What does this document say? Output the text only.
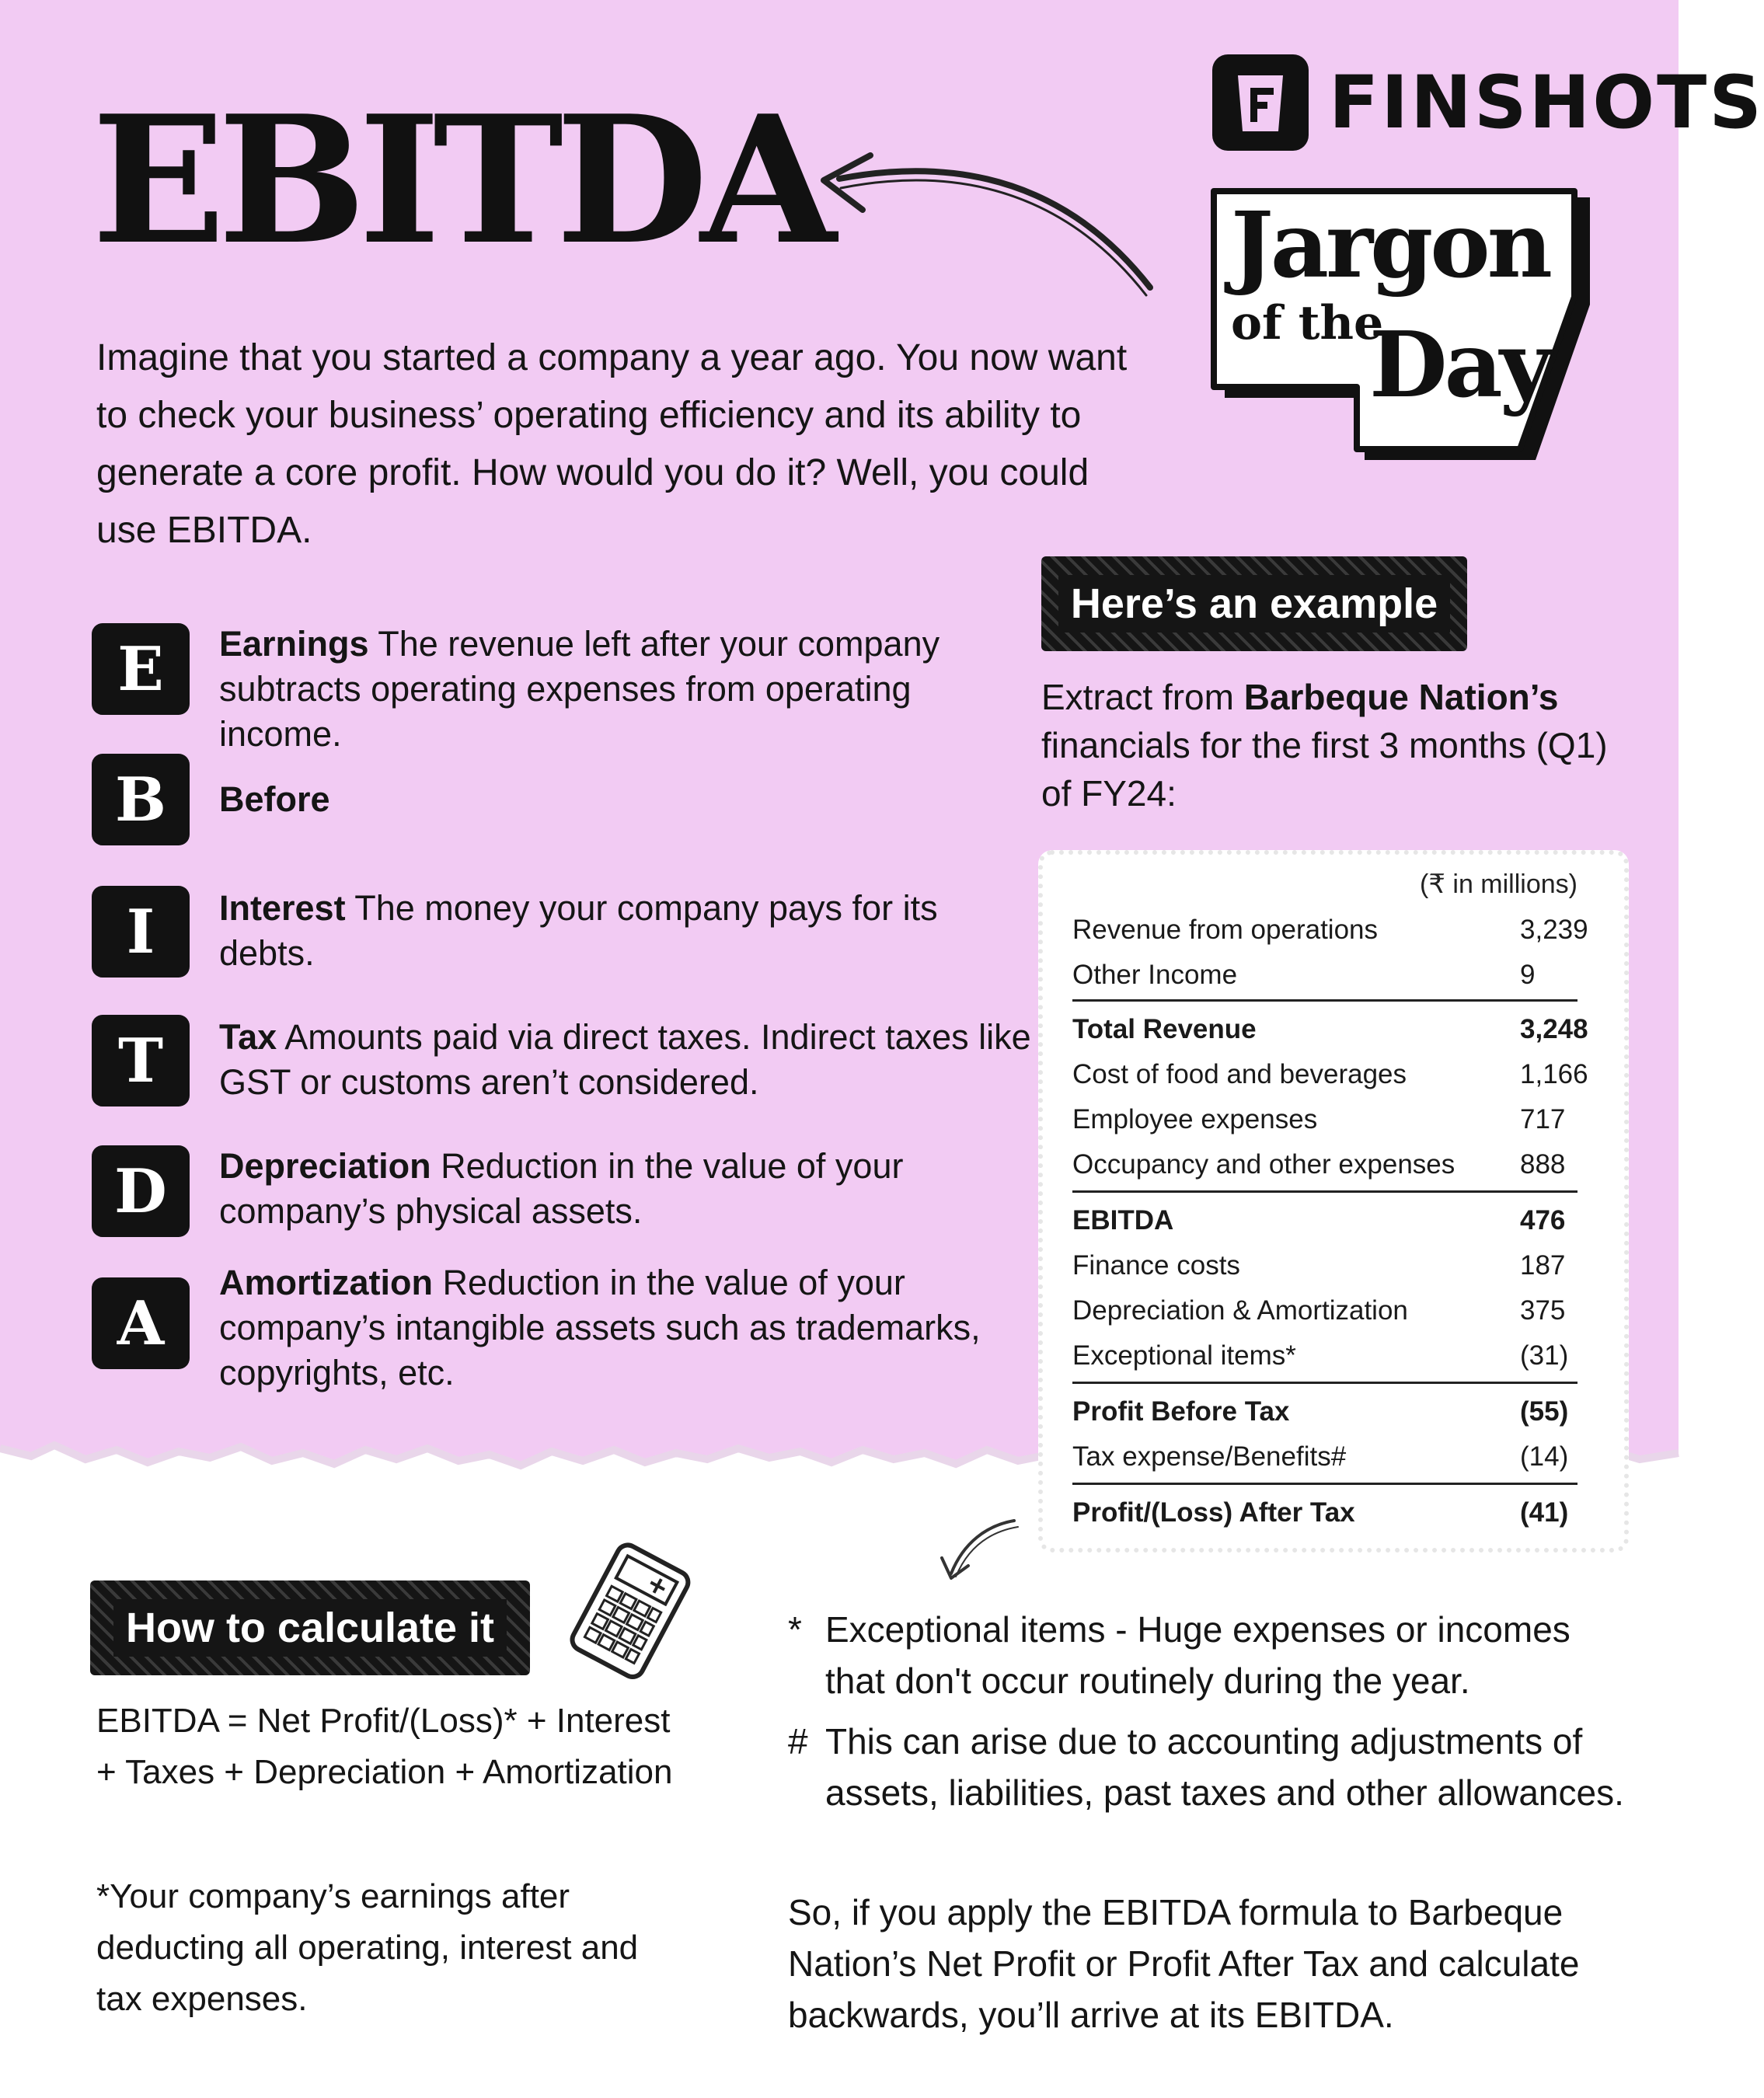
EBITDA	FINSHOTS
Jargon
of the
Day
Imagine that you started a company a year ago. You now want to check your business’ operating efficiency and its ability to generate a core profit. How would you do it? Well, you could use EBITDA.
E	Earnings The revenue left after your company subtracts operating expenses from operating income.
B	Before
I	Interest The money your company pays for its debts.
T	Tax Amounts paid via direct taxes. Indirect taxes like GST or customs aren’t considered.
D	Depreciation Reduction in the value of your company’s physical assets.
A
Amortization Reduction in the value of your company’s intangible assets such as trademarks, copyrights, etc.
Here’s an example
Extract from Barbeque Nation’s financials for the first 3 months (Q1) of FY24:
(₹ in millions)
Revenue from operations	3,239
Other Income	9
Total Revenue	3,248
Cost of food and beverages	1,166
Employee expenses	717
Occupancy and other expenses 888
EBITDA	476
Finance costs	187
Depreciation & Amortization	375
Exceptional items*	(31)
Profit Before Tax	(55)
Tax expense/Benefits#	(14)
Profit/(Loss) After Tax	(41)
How to calculate it
EBITDA = Net Profit/(Loss)* + Interest + Taxes + Depreciation + Amortization
*Your company’s earnings after deducting all operating, interest and tax expenses.
* Exceptional items - Huge expenses or incomes that don't occur routinely during the year.
# This can arise due to accounting adjustments of assets, liabilities, past taxes and other allowances.
So, if you apply the EBITDA formula to Barbeque Nation’s Net Profit or Profit After Tax and calculate backwards, you’ll arrive at its EBITDA.
